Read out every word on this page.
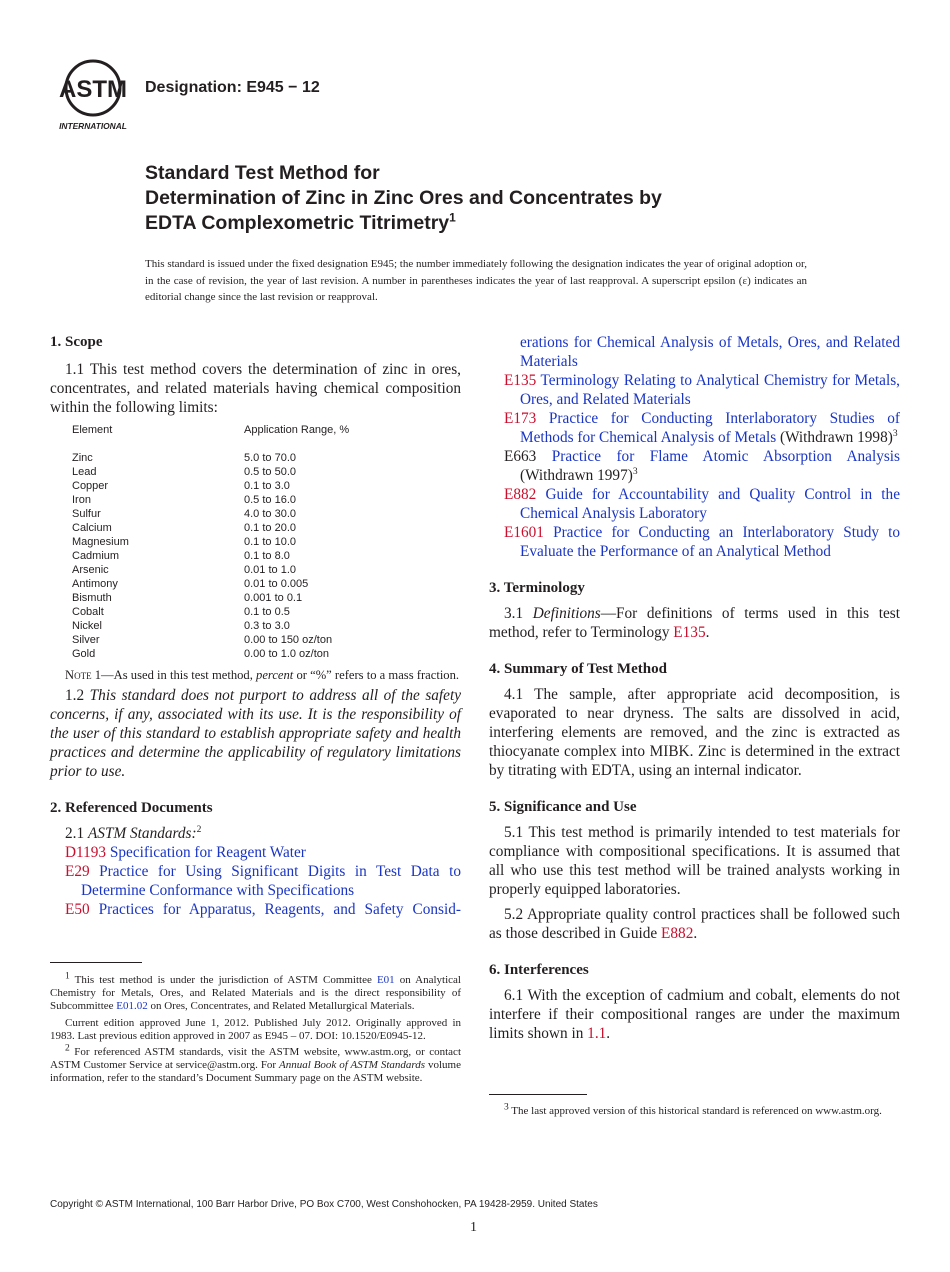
ASTM
INTERNATIONAL
Designation: E945 − 12
Standard Test Method for
Determination of Zinc in Zinc Ores and Concentrates by
EDTA Complexometric Titrimetry$^1$
This standard is issued under the fixed designation E945; the number immediately following the designation indicates the year of original adoption or, in the case of revision, the year of last revision. A number in parentheses indicates the year of last reapproval. A superscript epsilon (ε) indicates an editorial change since the last revision or reapproval.

1. Scope

1.1 This test method covers the determination of zinc in ores, concentrates, and related materials having chemical composition within the following limits:

Element	Application Range, %
Zinc	5.0 to 70.0
Lead	0.5 to 50.0
Copper	0.1 to 3.0
Iron	0.5 to 16.0
Sulfur	4.0 to 30.0
Calcium	0.1 to 20.0
Magnesium	0.1 to 10.0
Cadmium	0.1 to 8.0
Arsenic	0.01 to 1.0
Antimony	0.01 to 0.005
Bismuth	0.001 to 0.1
Cobalt	0.1 to 0.5
Nickel	0.3 to 3.0
Silver	0.00 to 150 oz/ton
Gold	0.00 to 1.0 oz/ton

Note 1—As used in this test method, percent or “%” refers to a mass fraction.

1.2 This standard does not purport to address all of the safety concerns, if any, associated with its use. It is the responsibility of the user of this standard to establish appropriate safety and health practices and determine the applicability of regulatory limitations prior to use.

2. Referenced Documents

2.1 ASTM Standards:$^2$

D1193 Specification for Reagent Water

E29 Practice for Using Significant Digits in Test Data to Determine Conformance with Specifications

E50 Practices for Apparatus, Reagents, and Safety Consid-

$^1$ This test method is under the jurisdiction of ASTM Committee E01 on Analytical Chemistry for Metals, Ores, and Related Materials and is the direct responsibility of Subcommittee E01.02 on Ores, Concentrates, and Related Metallurgical Materials.

Current edition approved June 1, 2012. Published July 2012. Originally approved in 1983. Last previous edition approved in 2007 as E945 – 07. DOI: 10.1520/E0945-12.

$^2$ For referenced ASTM standards, visit the ASTM website, www.astm.org, or contact ASTM Customer Service at service@astm.org. For Annual Book of ASTM Standards volume information, refer to the standard’s Document Summary page on the ASTM website.

erations for Chemical Analysis of Metals, Ores, and Related Materials

E135 Terminology Relating to Analytical Chemistry for Metals, Ores, and Related Materials

E173 Practice for Conducting Interlaboratory Studies of Methods for Chemical Analysis of Metals (Withdrawn 1998)$^3$

E663 Practice for Flame Atomic Absorption Analysis (Withdrawn 1997)$^3$

E882 Guide for Accountability and Quality Control in the Chemical Analysis Laboratory

E1601 Practice for Conducting an Interlaboratory Study to Evaluate the Performance of an Analytical Method

3. Terminology

3.1 Definitions—For definitions of terms used in this test method, refer to Terminology E135.

4. Summary of Test Method

4.1 The sample, after appropriate acid decomposition, is evaporated to near dryness. The salts are dissolved in acid, interfering elements are removed, and the zinc is extracted as thiocyanate complex into MIBK. Zinc is determined in the extract by titrating with EDTA, using an internal indicator.

5. Significance and Use

5.1 This test method is primarily intended to test materials for compliance with compositional specifications. It is assumed that all who use this test method will be trained analysts working in properly equipped laboratories.

5.2 Appropriate quality control practices shall be followed such as those described in Guide E882.

6. Interferences

6.1 With the exception of cadmium and cobalt, elements do not interfere if their compositional ranges are under the maximum limits shown in 1.1.

$^3$ The last approved version of this historical standard is referenced on www.astm.org.

Copyright © ASTM International, 100 Barr Harbor Drive, PO Box C700, West Conshohocken, PA 19428-2959. United States
1
